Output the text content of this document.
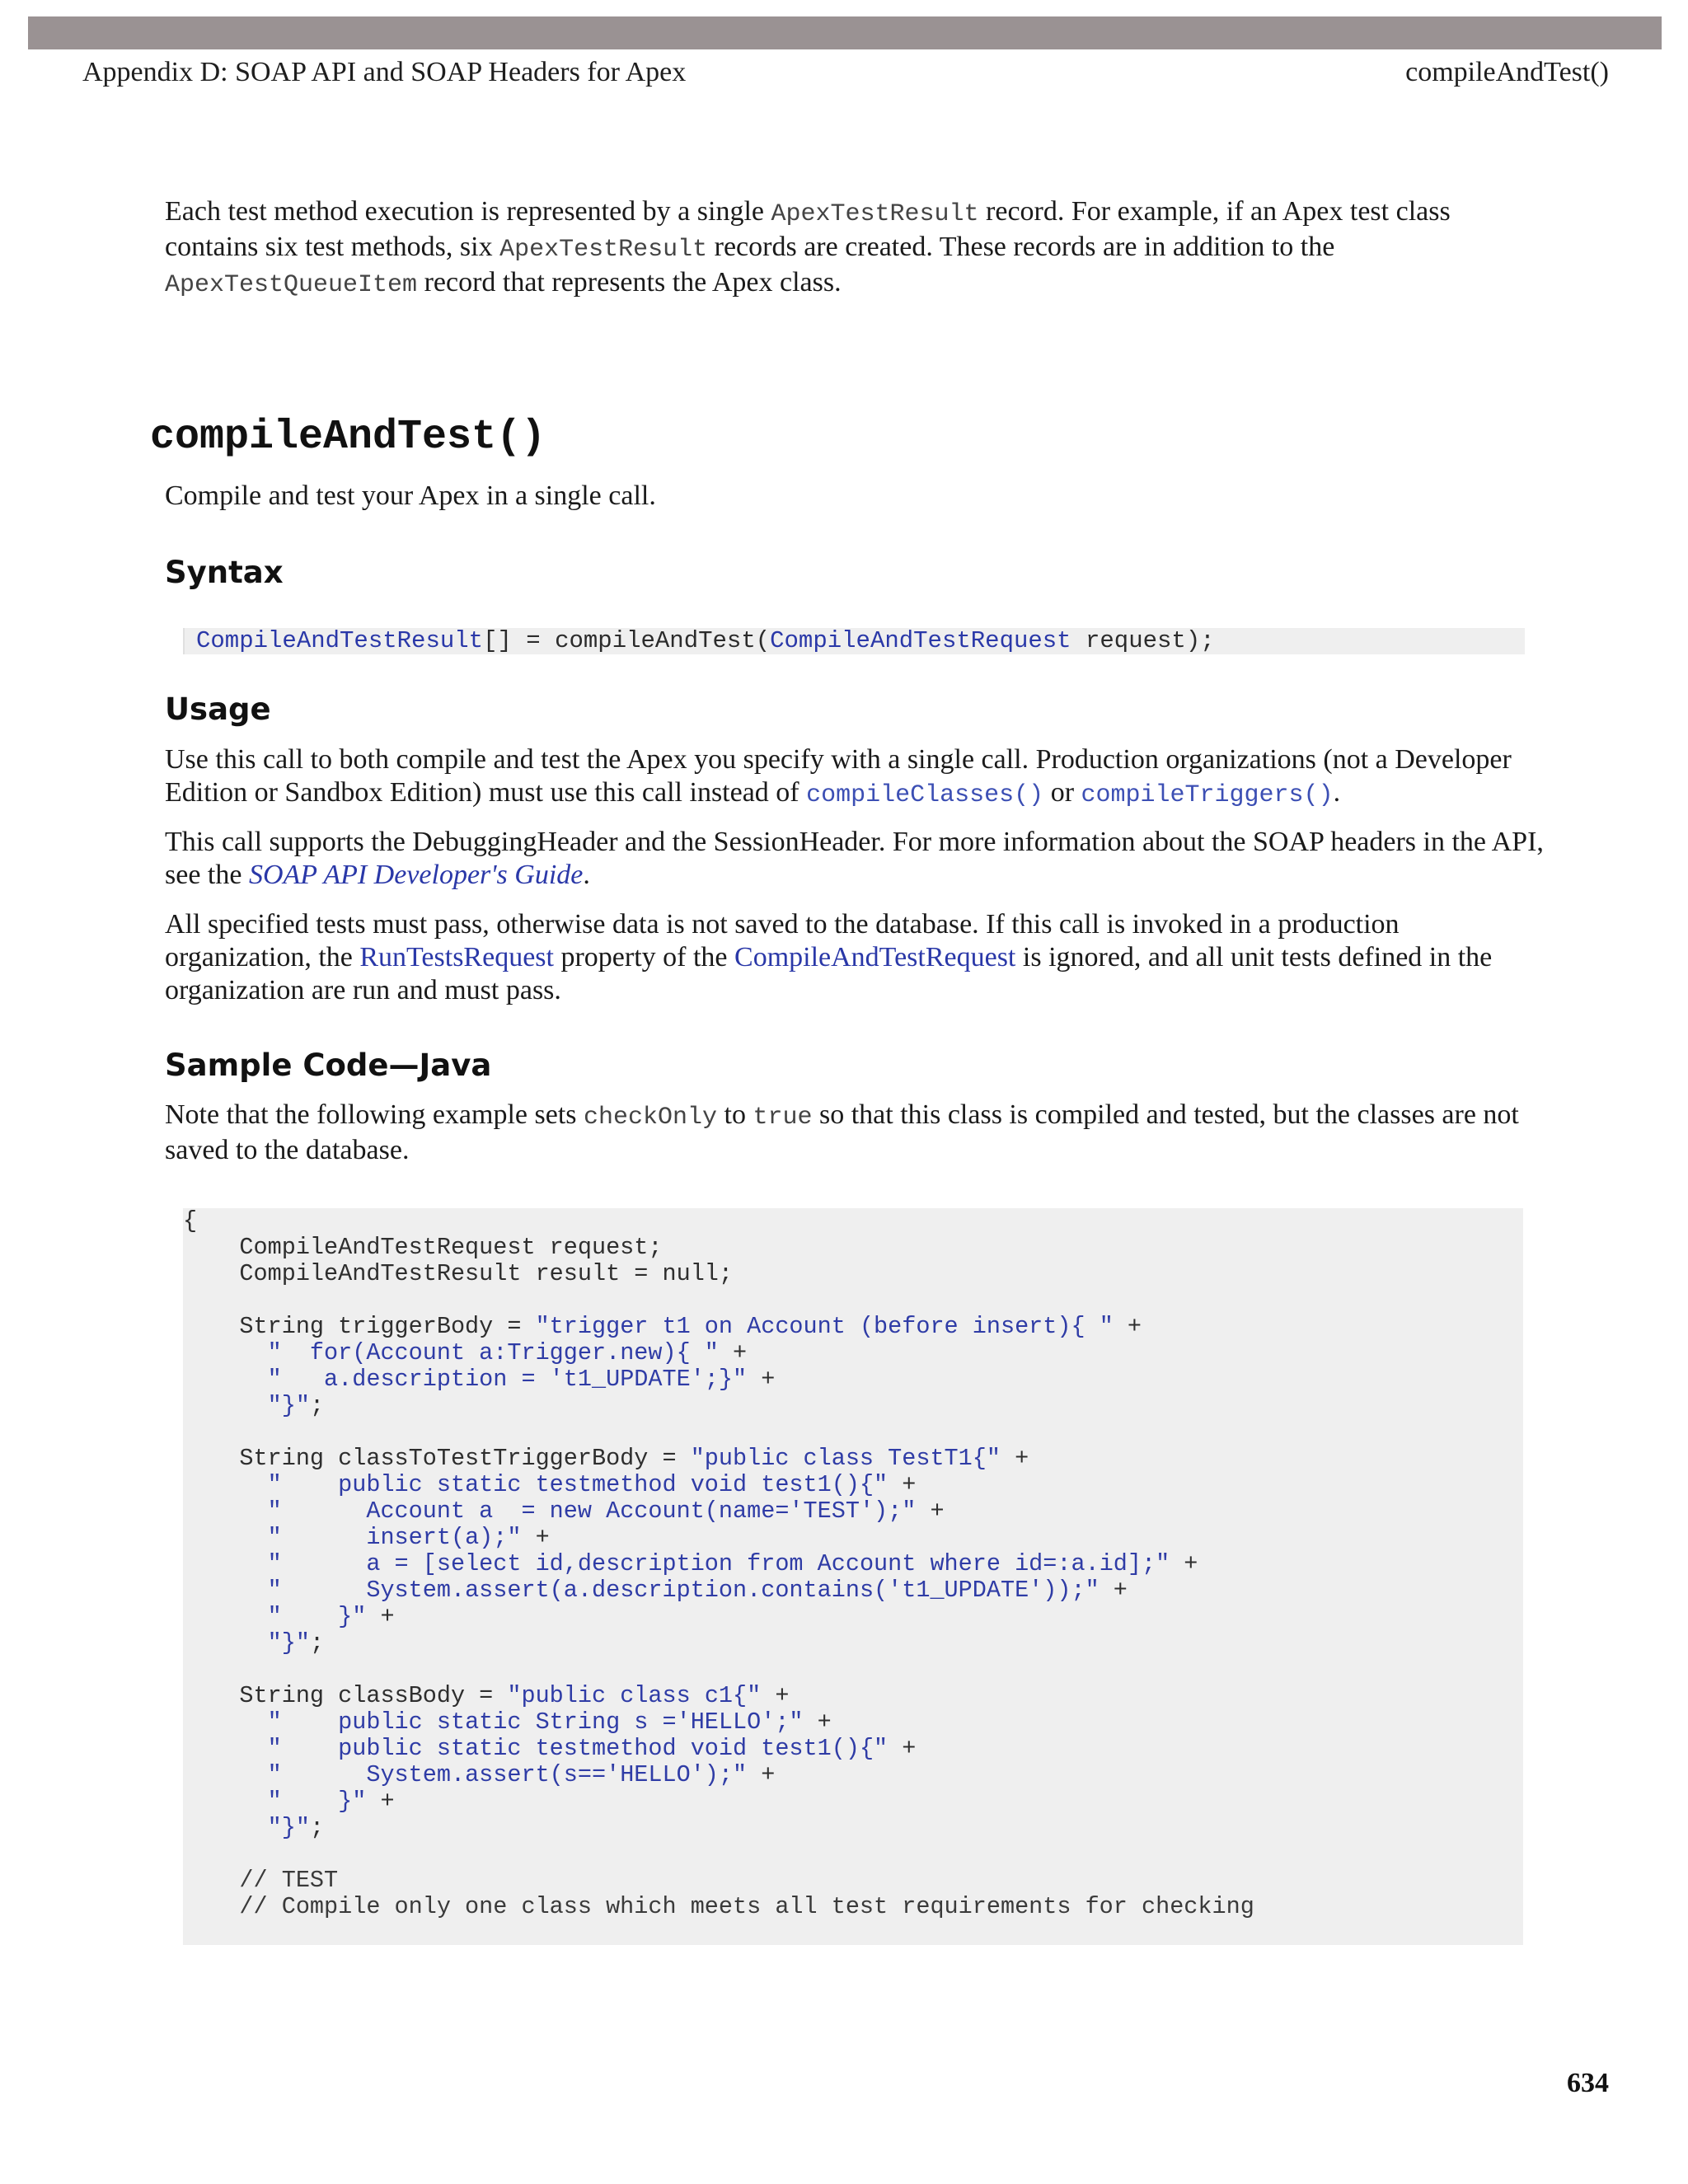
Appendix D: SOAP API and SOAP Headers for Apex	compileAndTest()
Each test method execution is represented by a single ApexTestResult record. For example, if an Apex test class contains six test methods, six ApexTestResult records are created. These records are in addition to the ApexTestQueueItem record that represents the Apex class.
compileAndTest()
Compile and test your Apex in a single call.
Syntax
CompileAndTestResult[] = compileAndTest(CompileAndTestRequest request);
Usage
Use this call to both compile and test the Apex you specify with a single call. Production organizations (not a Developer Edition or Sandbox Edition) must use this call instead of compileClasses() or compileTriggers().
This call supports the DebuggingHeader and the SessionHeader. For more information about the SOAP headers in the API, see the SOAP API Developer's Guide.
All specified tests must pass, otherwise data is not saved to the database. If this call is invoked in a production organization, the RunTestsRequest property of the CompileAndTestRequest is ignored, and all unit tests defined in the organization are run and must pass.
Sample Code—Java
Note that the following example sets checkOnly to true so that this class is compiled and tested, but the classes are not saved to the database.
{
CompileAndTestRequest request;
CompileAndTestResult result = null;
String triggerBody = "trigger t1 on Account (before insert){ " +
"  for(Account a:Trigger.new){ " +
"   a.description = 't1_UPDATE';}" +
"}";
String classToTestTriggerBody = "public class TestT1{" +
"    public static testmethod void test1(){" +
"      Account a  = new Account(name='TEST');" +
"      insert(a);" +
"      a = [select id,description from Account where id=:a.id];" +
"      System.assert(a.description.contains('t1_UPDATE'));" +
"    }" +
"}";
String classBody = "public class c1{" +
"    public static String s ='HELLO';" +
"    public static testmethod void test1(){" +
"      System.assert(s=='HELLO');" +
"    }" +
"}";
// TEST
// Compile only one class which meets all test requirements for checking
634
